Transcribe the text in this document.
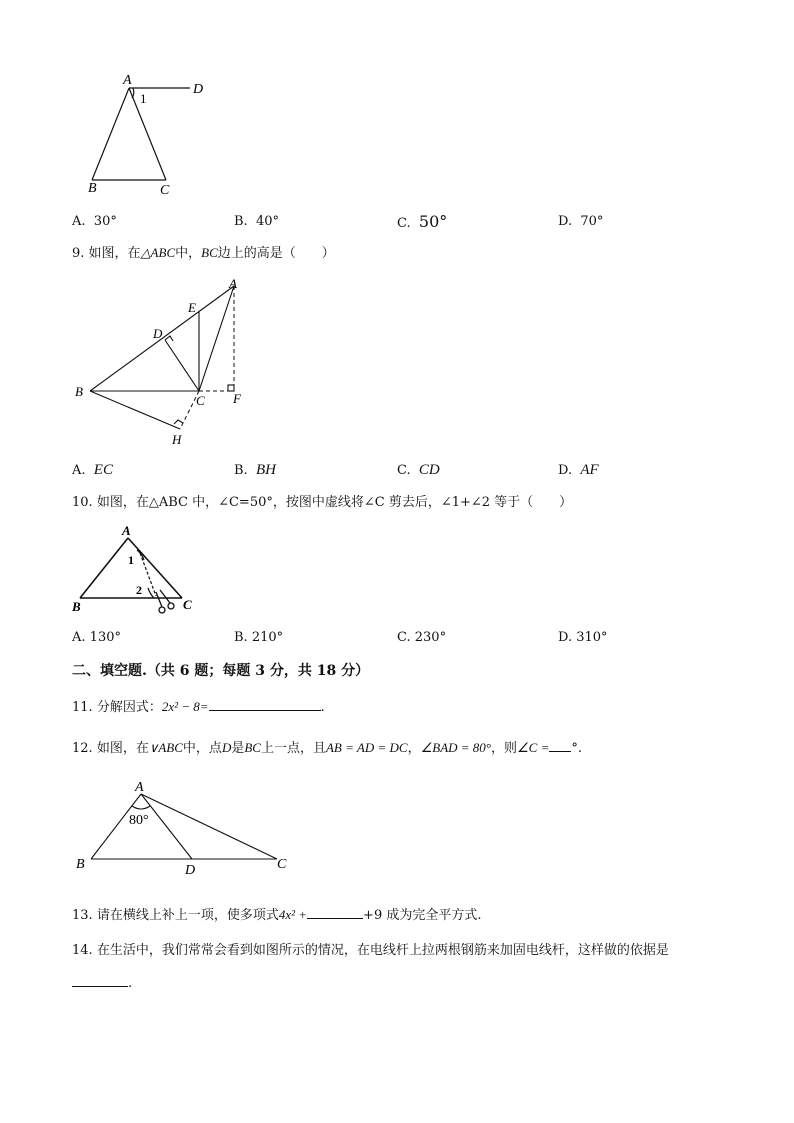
A
D
B	C
1
A. 30°	B. 40°	C. 50°	D. 70°
9. 如图，在△ABC中，BC边上的高是（　　）
A
E
D
B
C F
H
A. EC	B. BH	C. CD	D. AF
10. 如图，在△ABC 中，∠C=50°，按图中虚线将∠C 剪去后，∠1+∠2 等于（　　）
A
B	C
1
2
A. 130°	B. 210°	C. 230°	D. 310°
二、填空题.（共 6 题；每题 3 分，共 18 分）
11. 分解因式：2x² − 8=	.
12. 如图，在∨ABC中，点D是BC上一点，且AB = AD = DC，∠BAD = 80°，则∠C = °.
A
80°
B	D	C
13. 请在横线上补上一项，使多项式4x² +	+9 成为完全平方式.
14. 在生活中，我们常常会看到如图所示的情况，在电线杆上拉两根钢筋来加固电线杆，这样做的依据是
.
